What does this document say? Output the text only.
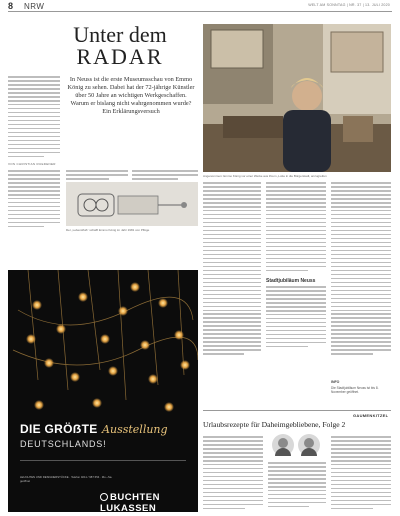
8 NRW	WELT AM SONNTAG | NR. 37 | 13. JULI 2020
Unter dem
RADAR
In Neuss ist die erste Museumsschau von Emmo König zu sehen. Dabei hat der 72-jährige Künstler über 50 Jahre an wichtigen Werkgeschaffen. Warum er bislang nicht wahrgenommen wurde? Ein Erklärungsversuch
VON CHRISTIAN RUEDENER
Der „Lebensfluß“ schafft Emmo König im Jahr 1981 von Pflüge
Angenommen: Emmo König vor einer Werke aus ihrem „Lotte in die Bürgerstadt, anzugreifen
Stadtjubiläum Neuss
INFO
Die Stadtjubiläum Neuss ist bis 8. November geöffnet.
DIE GRÖẞTE Ausstellung
DEUTSCHLANDS!
LEUCHTEN UND DESIGNERSTÜCKE · Telefon 0211 / 987 654 · Mo.–Sa. geöffnet
BUCHTEN LUKASSEN
GAUMENKITZEL
Urlaubsrezepte für Daheimgebliebene, Folge 2
